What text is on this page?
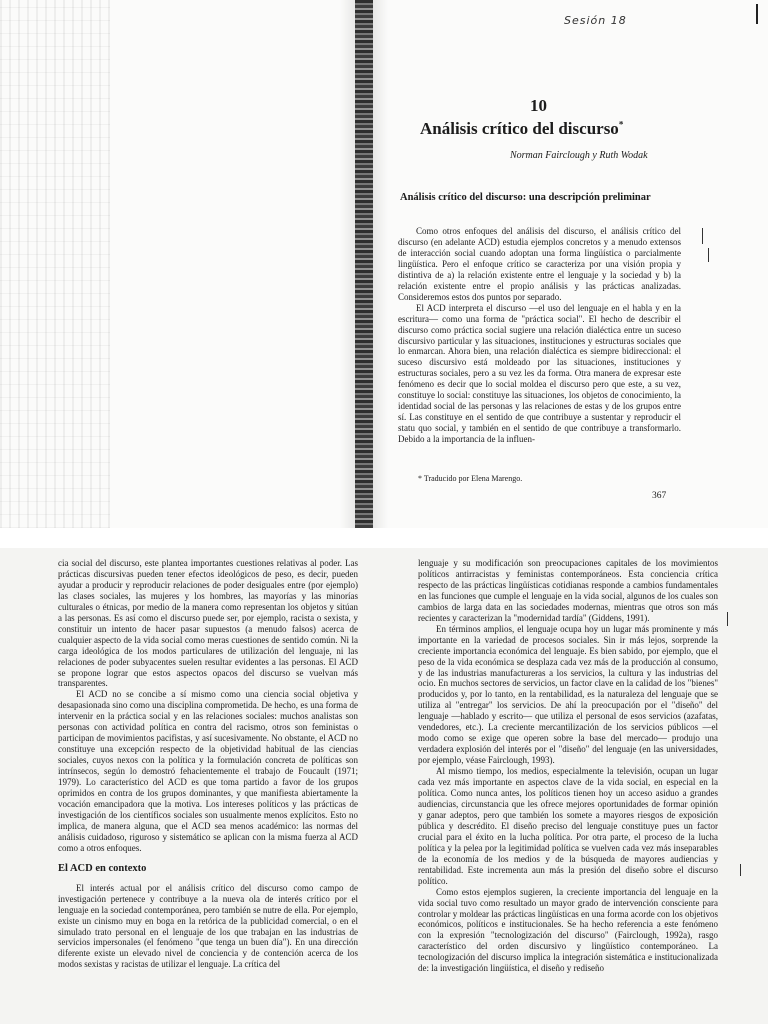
Sesión 18
10
Análisis crítico del discurso*
Norman Fairclough y Ruth Wodak
Análisis crítico del discurso: una descripción preliminar

Como otros enfoques del análisis del discurso, el análisis crítico del discurso (en adelante ACD) estudia ejemplos concretos y a menudo extensos de interacción social cuando adoptan una forma lingüística o parcialmente lingüística. Pero el enfoque crítico se caracteriza por una visión propia y distintiva de a) la relación existente entre el lenguaje y la sociedad y b) la relación existente entre el propio análisis y las prácticas analizadas. Consideremos estos dos puntos por separado.

El ACD interpreta el discurso —el uso del lenguaje en el habla y en la escritura— como una forma de "práctica social". El hecho de describir el discurso como práctica social sugiere una relación dialéctica entre un suceso discursivo particular y las situaciones, instituciones y estructuras sociales que lo enmarcan. Ahora bien, una relación dialéctica es siempre bidireccional: el suceso discursivo está moldeado por las situaciones, instituciones y estructuras sociales, pero a su vez les da forma. Otra manera de expresar este fenómeno es decir que lo social moldea el discurso pero que este, a su vez, constituye lo social: constituye las situaciones, los objetos de conocimiento, la identidad social de las personas y las relaciones de estas y de los grupos entre sí. Las constituye en el sentido de que contribuye a sustentar y reproducir el statu quo social, y también en el sentido de que contribuye a transformarlo. Debido a la importancia de la influen-

* Traducido por Elena Marengo.
367

cia social del discurso, este plantea importantes cuestiones relativas al poder. Las prácticas discursivas pueden tener efectos ideológicos de peso, es decir, pueden ayudar a producir y reproducir relaciones de poder desiguales entre (por ejemplo) las clases sociales, las mujeres y los hombres, las mayorías y las minorías culturales o étnicas, por medio de la manera como representan los objetos y sitúan a las personas. Es así como el discurso puede ser, por ejemplo, racista o sexista, y constituir un intento de hacer pasar supuestos (a menudo falsos) acerca de cualquier aspecto de la vida social como meras cuestiones de sentido común. Ni la carga ideológica de los modos particulares de utilización del lenguaje, ni las relaciones de poder subyacentes suelen resultar evidentes a las personas. El ACD se propone lograr que estos aspectos opacos del discurso se vuelvan más transparentes.

El ACD no se concibe a sí mismo como una ciencia social objetiva y desapasionada sino como una disciplina comprometida. De hecho, es una forma de intervenir en la práctica social y en las relaciones sociales: muchos analistas son personas con actividad política en contra del racismo, otros son feministas o participan de movimientos pacifistas, y así sucesivamente. No obstante, el ACD no constituye una excepción respecto de la objetividad habitual de las ciencias sociales, cuyos nexos con la política y la formulación concreta de políticas son intrínsecos, según lo demostró fehacientemente el trabajo de Foucault (1971; 1979). Lo característico del ACD es que toma partido a favor de los grupos oprimidos en contra de los grupos dominantes, y que manifiesta abiertamente la vocación emancipadora que la motiva. Los intereses políticos y las prácticas de investigación de los científicos sociales son usualmente menos explícitos. Esto no implica, de manera alguna, que el ACD sea menos académico: las normas del análisis cuidadoso, riguroso y sistemático se aplican con la misma fuerza al ACD como a otros enfoques.

El ACD en contexto

El interés actual por el análisis crítico del discurso como campo de investigación pertenece y contribuye a la nueva ola de interés crítico por el lenguaje en la sociedad contemporánea, pero también se nutre de ella. Por ejemplo, existe un cinismo muy en boga en la retórica de la publicidad comercial, o en el simulado trato personal en el lenguaje de los que trabajan en las industrias de servicios impersonales (el fenómeno "que tenga un buen día"). En una dirección diferente existe un elevado nivel de conciencia y de contención acerca de los modos sexistas y racistas de utilizar el lenguaje. La crítica del

lenguaje y su modificación son preocupaciones capitales de los movimientos políticos antirracistas y feministas contemporáneos. Esta conciencia crítica respecto de las prácticas lingüísticas cotidianas responde a cambios fundamentales en las funciones que cumple el lenguaje en la vida social, algunos de los cuales son cambios de larga data en las sociedades modernas, mientras que otros son más recientes y caracterizan la "modernidad tardía" (Giddens, 1991).

En términos amplios, el lenguaje ocupa hoy un lugar más prominente y más importante en la variedad de procesos sociales. Sin ir más lejos, sorprende la creciente importancia económica del lenguaje. Es bien sabido, por ejemplo, que el peso de la vida económica se desplaza cada vez más de la producción al consumo, y de las industrias manufactureras a los servicios, la cultura y las industrias del ocio. En muchos sectores de servicios, un factor clave en la calidad de los "bienes" producidos y, por lo tanto, en la rentabilidad, es la naturaleza del lenguaje que se utiliza al "entregar" los servicios. De ahí la preocupación por el "diseño" del lenguaje —hablado y escrito— que utiliza el personal de esos servicios (azafatas, vendedores, etc.). La creciente mercantilización de los servicios públicos —el modo como se exige que operen sobre la base del mercado— produjo una verdadera explosión del interés por el "diseño" del lenguaje (en las universidades, por ejemplo, véase Fairclough, 1993).

Al mismo tiempo, los medios, especialmente la televisión, ocupan un lugar cada vez más importante en aspectos clave de la vida social, en especial en la política. Como nunca antes, los políticos tienen hoy un acceso asiduo a grandes audiencias, circunstancia que les ofrece mejores oportunidades de formar opinión y ganar adeptos, pero que también los somete a mayores riesgos de exposición pública y descrédito. El diseño preciso del lenguaje constituye pues un factor crucial para el éxito en la lucha política. Por otra parte, el proceso de la lucha política y la pelea por la legitimidad política se vuelven cada vez más inseparables de la economía de los medios y de la búsqueda de mayores audiencias y rentabilidad. Este incrementa aun más la presión del diseño sobre el discurso político.

Como estos ejemplos sugieren, la creciente importancia del lenguaje en la vida social tuvo como resultado un mayor grado de intervención consciente para controlar y moldear las prácticas lingüísticas en una forma acorde con los objetivos económicos, políticos e institucionales. Se ha hecho referencia a este fenómeno con la expresión "tecnologización del discurso" (Fairclough, 1992a), rasgo característico del orden discursivo y lingüístico contemporáneo. La tecnologización del discurso implica la integración sistemática e institucionalizada de: la investigación lingüística, el diseño y rediseño
